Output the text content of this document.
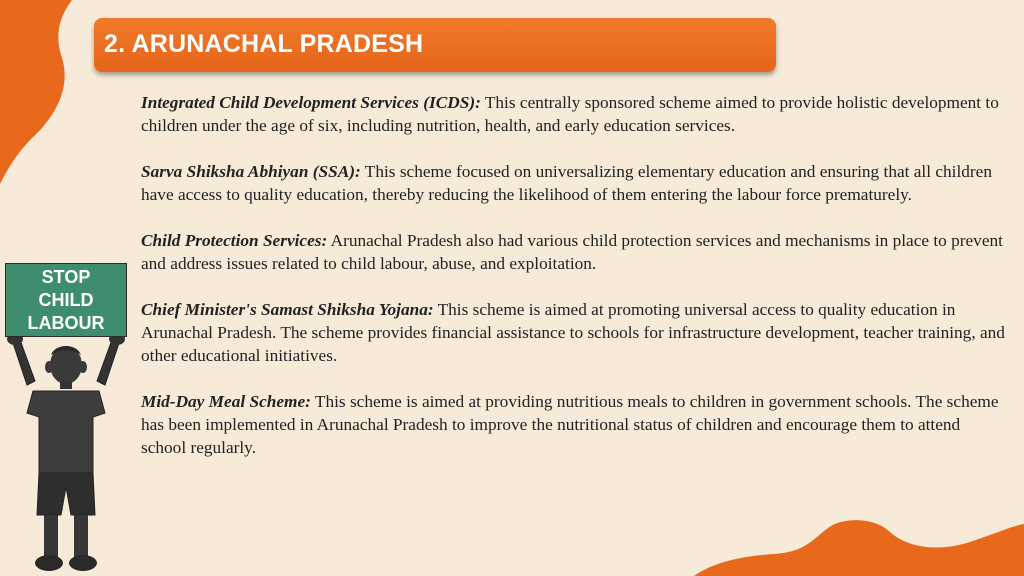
2. ARUNACHAL PRADESH

Integrated Child Development Services (ICDS): This centrally sponsored scheme aimed to provide holistic development to children under the age of six, including nutrition, health, and early education services.

Sarva Shiksha Abhiyan (SSA): This scheme focused on universalizing elementary education and ensuring that all children have access to quality education, thereby reducing the likelihood of them entering the labour force prematurely.

Child Protection Services: Arunachal Pradesh also had various child protection services and mechanisms in place to prevent and address issues related to child labour, abuse, and exploitation.

Chief Minister's Samast Shiksha Yojana: This scheme is aimed at promoting universal access to quality education in Arunachal Pradesh. The scheme provides financial assistance to schools for infrastructure development, teacher training, and other educational initiatives.

Mid-Day Meal Scheme: This scheme is aimed at providing nutritious meals to children in government schools. The scheme has been implemented in Arunachal Pradesh to improve the nutritional status of children and encourage them to attend school regularly.

STOP
CHILD
LABOUR
